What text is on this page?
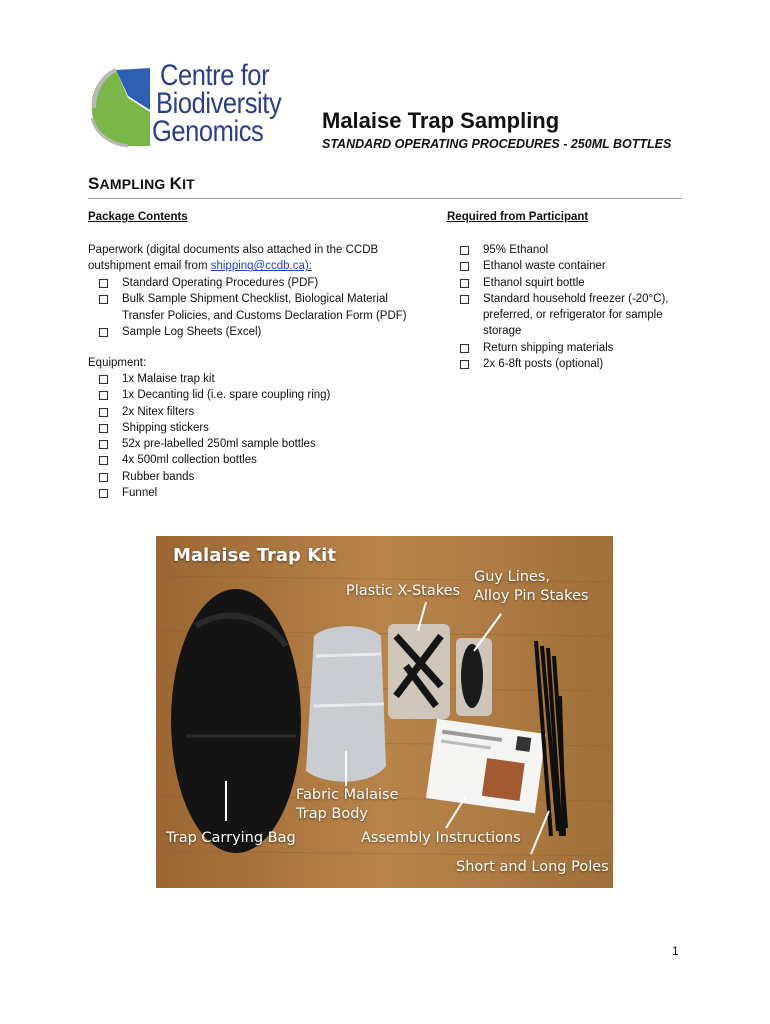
Centre for
Biodiversity
Genomics	Malaise Trap Sampling
STANDARD OPERATING PROCEDURES - 250ML BOTTLES
SAMPLING KIT
Package Contents	Required from Participant
Paperwork (digital documents also attached in the CCDB outshipment email from shipping@ccdb.ca):
Standard Operating Procedures (PDF)
Bulk Sample Shipment Checklist, Biological Material Transfer Policies, and Customs Declaration Form (PDF)
Sample Log Sheets (Excel)
Equipment:
1x Malaise trap kit
1x Decanting lid (i.e. spare coupling ring)
2x Nitex filters
Shipping stickers
52x pre-labelled 250ml sample bottles
4x 500ml collection bottles
Rubber bands
Funnel
95% Ethanol
Ethanol waste container
Ethanol squirt bottle
Standard household freezer (-20°C), preferred, or refrigerator for sample storage
Return shipping materials
2x 6-8ft posts (optional)
Malaise Trap Kit
Plastic X-Stakes
Guy Lines,
Alloy Pin Stakes
Fabric Malaise
Trap Body
Trap Carrying Bag	Assembly Instructions
Short and Long Poles
1
